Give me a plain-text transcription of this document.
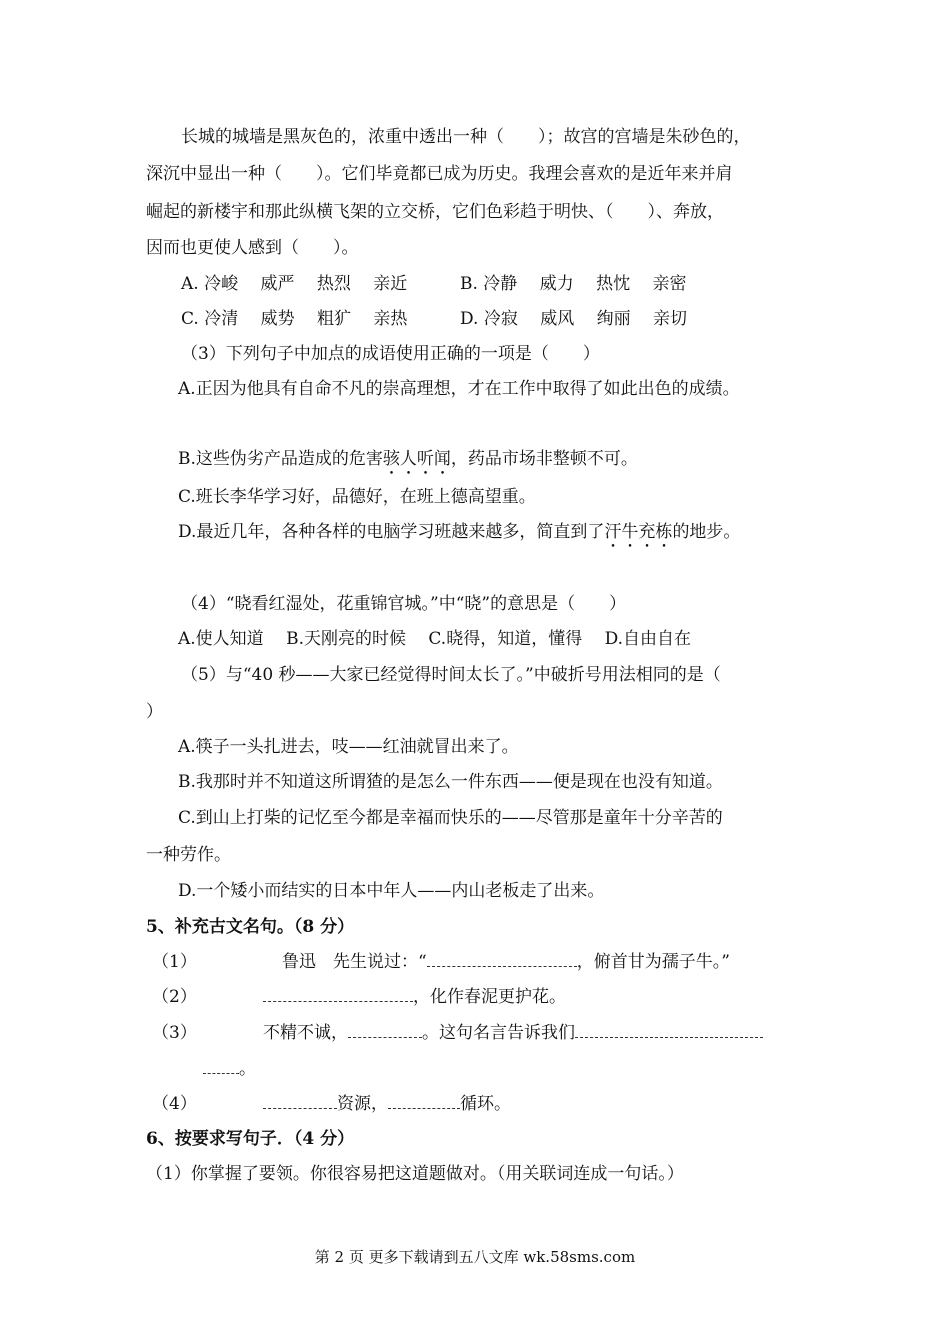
长城的城墙是黑灰色的，浓重中透出一种（　　）；故宫的宫墙是朱砂色的，
深沉中显出一种（　　）。它们毕竟都已成为历史。我理会喜欢的是近年来并肩
崛起的新楼宇和那此纵横飞架的立交桥，它们色彩趋于明快、（　　）、奔放，
因而也更使人感到（　　）。
A. 冷峻　 威严　 热烈　 亲近	B. 冷静　 威力　 热忱　 亲密
C. 冷清　 威势　 粗犷　 亲热	D. 冷寂　 威风　 绚丽　 亲切
（3）下列句子中加点的成语使用正确的一项是（　　）
A.正因为他具有自命不凡的崇高理想，才在工作中取得了如此出色的成绩。
B.这些伪劣产品造成的危害骇人听闻，药品市场非整顿不可。
C.班长李华学习好，品德好，在班上德高望重。
D.最近几年，各种各样的电脑学习班越来越多，简直到了汗牛充栋的地步。
（4）“晓看红湿处，花重锦官城。”中“晓”的意思是（　　）
A.使人知道　 B.天刚亮的时候　 C.晓得，知道，懂得　 D.自由自在
（5）与“40 秒——大家已经觉得时间太长了。”中破折号用法相同的是（
）
A.筷子一头扎进去，吱——红油就冒出来了。
B.我那时并不知道这所谓猹的是怎么一件东西——便是现在也没有知道。
C.到山上打柴的记忆至今都是幸福而快乐的——尽管那是童年十分辛苦的
一种劳作。
D.一个矮小而结实的日本中年人——内山老板走了出来。
5、补充古文名句。（8 分）
（1）	鲁迅　先生说过：“	，俯首甘为孺子牛。”
（2）	，化作春泥更护花。
（3）	不精不诚，	。这句名言告诉我们
。
（4）	资源，	循环。
6、按要求写句子．（4 分）
（1）你掌握了要领。你很容易把这道题做对。（用关联词连成一句话。）
第 2 页 更多下载请到五八文库 wk.58sms.com
